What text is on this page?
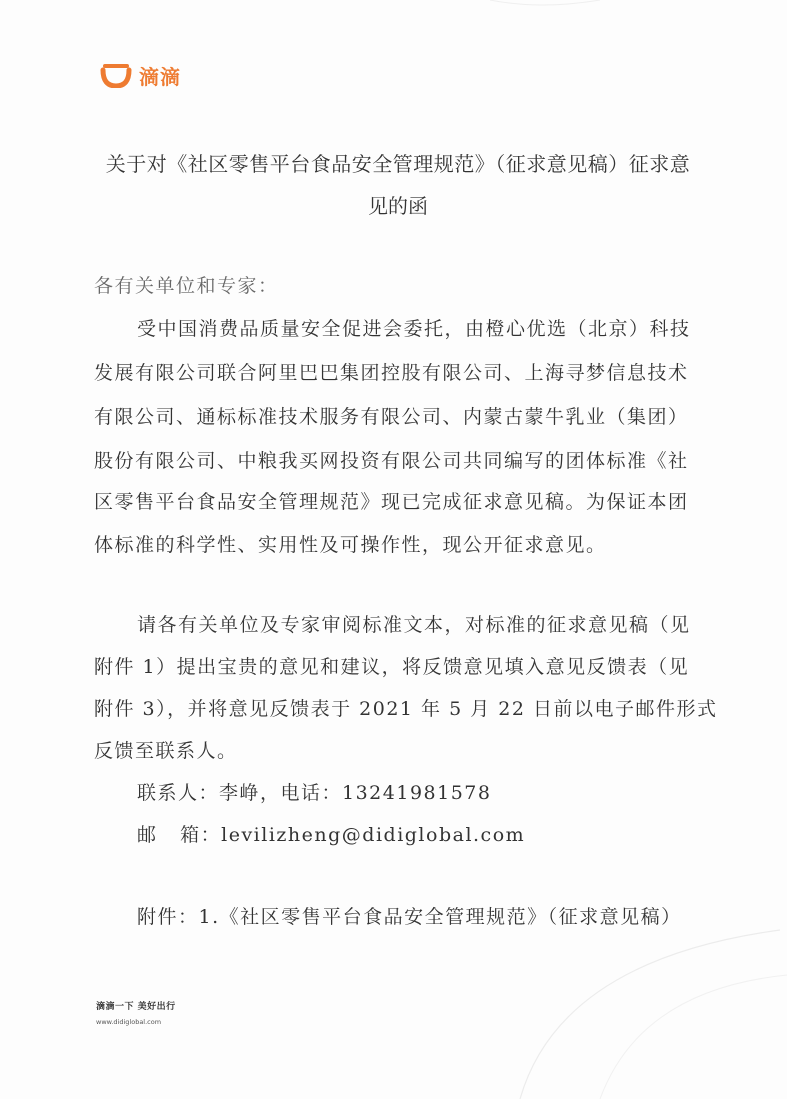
滴滴
关于对《社区零售平台食品安全管理规范》（征求意见稿）征求意
见的函
各有关单位和专家：
受中国消费品质量安全促进会委托，由橙心优选（北京）科技
发展有限公司联合阿里巴巴集团控股有限公司、上海寻梦信息技术
有限公司、通标标准技术服务有限公司、内蒙古蒙牛乳业（集团）
股份有限公司、中粮我买网投资有限公司共同编写的团体标准《社
区零售平台食品安全管理规范》现已完成征求意见稿。为保证本团
体标准的科学性、实用性及可操作性，现公开征求意见。
请各有关单位及专家审阅标准文本，对标准的征求意见稿（见
附件 1）提出宝贵的意见和建议，将反馈意见填入意见反馈表（见
附件 3），并将意见反馈表于 2021 年 5 月 22 日前以电子邮件形式
反馈至联系人。
联系人：李峥，电话：13241981578
邮   箱：levilizheng@didiglobal.com
附件：1.《社区零售平台食品安全管理规范》（征求意见稿）
滴滴一下 美好出行
www.didiglobal.com
